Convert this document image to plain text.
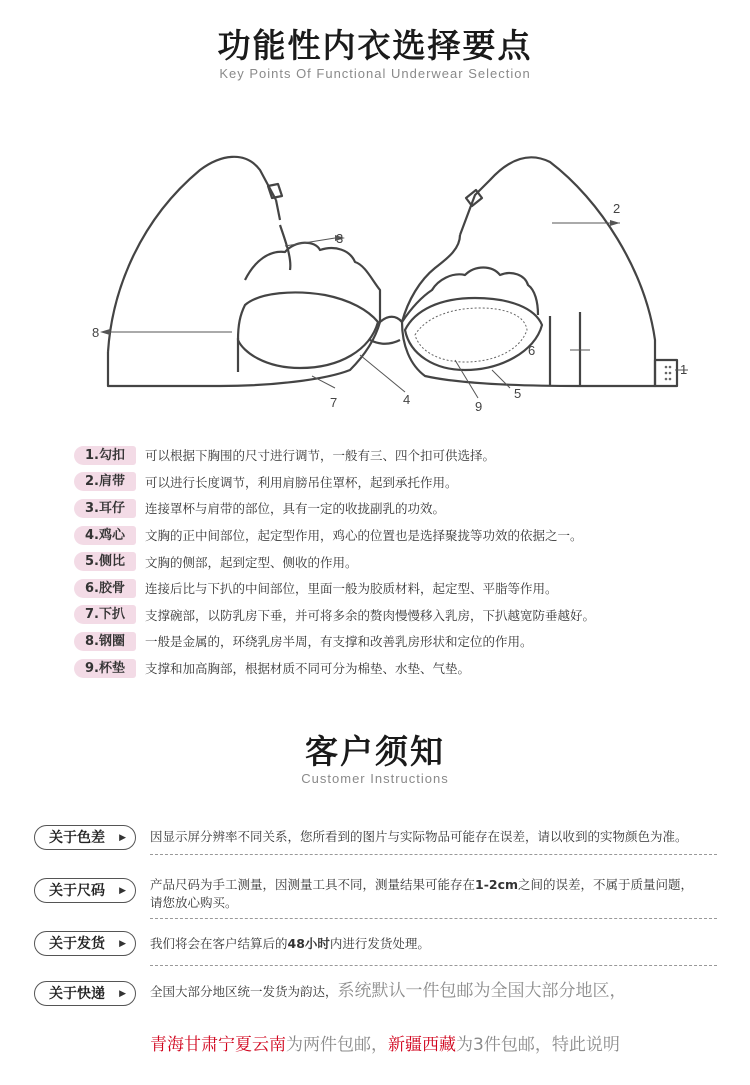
功能性内衣选择要点
Key Points Of Functional Underwear Selection
1
2
3
4	5
6
7
8
9
1.勾扣	可以根据下胸围的尺寸进行调节，一般有三、四个扣可供选择。
2.肩带	可以进行长度调节，利用肩膀吊住罩杯，起到承托作用。
3.耳仔	连接罩杯与肩带的部位，具有一定的收拢副乳的功效。
4.鸡心	文胸的正中间部位，起定型作用，鸡心的位置也是选择聚拢等功效的依据之一。
5.侧比	文胸的侧部，起到定型、侧收的作用。
6.胶骨	连接后比与下扒的中间部位，里面一般为胶质材料，起定型、平脂等作用。
7.下扒	支撑碗部，以防乳房下垂，并可将多余的赘肉慢慢移入乳房，下扒越宽防垂越好。
8.钢圈	一般是金属的，环绕乳房半周，有支撑和改善乳房形状和定位的作用。
9.杯垫	支撑和加高胸部，根据材质不同可分为棉垫、水垫、气垫。
客户须知
Customer Instructions
关于色差 ▶ 因显示屏分辨率不同关系，您所看到的图片与实际物品可能存在误差，请以收到的实物颜色为准。
关于尺码 ▶ 产品尺码为手工测量，因测量工具不同，测量结果可能存在1-2cm之间的误差，不属于质量问题，
请您放心购买。
关于发货 ▶ 我们将会在客户结算后的48小时内进行发货处理。
关于快递 ▶ 全国大部分地区统一发货为韵达，系统默认一件包邮为全国大部分地区，
青海甘肃宁夏云南为两件包邮，新疆西藏为3件包邮，特此说明
